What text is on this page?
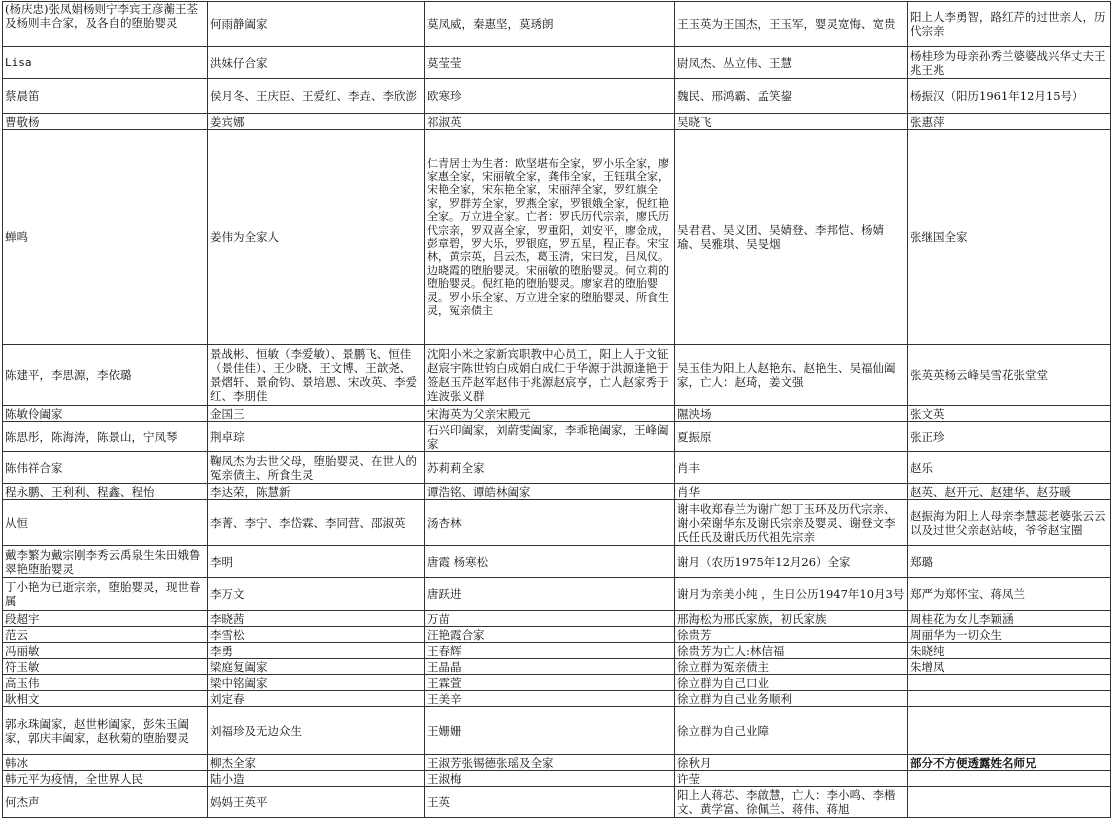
(杨庆忠)张凤娟杨则宁李宾王彦蘅王荃及杨则丰合家，及各自的堕胎婴灵	何雨静阖家	莫凤威，秦惠坚，莫琇朗	王玉英为王国杰，王玉军，婴灵宽悔、宽贵	阳上人李勇智，路红芹的过世亲人，历代宗亲
Lisa	洪妹仔合家	莫莹莹	尉凤杰、丛立伟、王慧	杨桂珍为母亲孙秀兰婆婆战兴华丈夫王兆王兆
蔡晨笛	侯月冬、王庆臣、王爱红、李垚、李欣澎	欧寒珍	魏民、邢鸿霸、孟笑鋆	杨振汉（阳历1961年12月15号）
曹敬杨	姜宾娜	祁淑英	吴晓飞	张惠萍
蝉鸣	姜伟为全家人	仁青居士为生者：欧坚堪布全家，罗小乐全家，廖家惠全家，宋丽敏全家，龚伟全家，王钰琪全家，宋艳全家，宋东艳全家，宋丽萍全家，罗红旗全家，罗群芳全家，罗燕全家，罗银娥全家，倪红艳全家。万立进全家。亡者：罗氏历代宗亲，廖氏历代宗亲，罗双喜全家，罗重阳，刘安平，廖金成，彭章碧，罗大乐，罗银庭，罗五星，程正春。宋宝林，黄宗英，吕云杰，葛玉清，宋曰发，吕凤仪。边晓霞的堕胎婴灵。宋丽敏的堕胎婴灵。何立莉的堕胎婴灵。倪红艳的堕胎婴灵。廖家君的堕胎婴灵。罗小乐全家、万立进全家的堕胎婴灵、所食生灵，冤亲债主	吴君君、吴义团、吴婧登、李邦恺、杨婧瑜、吴雅琪、吴旻烟	张继国全家
陈建平，李思源，李依璐	景战彬、恒敏（李爱敏）、景鹏飞、恒佳（景佳佳）、王少晓、王文博、王歆尧、景熠轩、景俞钧、景培恩、宋改英、李爱红、李朋佳	沈阳小米之家新宾职教中心员工，阳上人于文钲赵宸宇陈世钧白成娟白成仁于华源于洪源逢艳于签赵玉芹赵军赵伟于兆源赵宸亨，亡人赵家秀于连波张义群	吴玉佳为阳上人赵艳东、赵艳生、吴福仙阖家，亡人：赵琦，姜文强	张英英杨云峰吴雪花张堂堂
陈敏伶阖家	金国三	宋海英为父亲宋殿元	隰泱场	张文英
陈思彤，陈海涛，陈景山，宁凤琴	荆卓琮	石兴印阖家，刘蔚雯阖家，李乖艳阖家，王峰阖家	夏振原	张正珍
陈伟祥合家	鞠凤杰为去世父母，堕胎婴灵、在世人的冤亲债主、所食生灵	苏莉莉全家	肖丰	赵乐
程永鹏、王利利、程鑫、程怡	李达荣，陈慧新	谭浩铭、谭皓林阖家	肖华	赵英、赵开元、赵建华、赵芬暖
从恒	李菁、李宁、李岱霖、李同营、邵淑英	汤杏林	谢丰收郑春兰为谢广恕丁玉环及历代宗亲、谢小荣谢华东及谢氏宗亲及婴灵、谢登文李氏任氏及谢氏历代祖先宗亲	赵振海为阳上人母亲李慧蕊老婆张云云以及过世父亲赵站岐，爷爷赵宝圈
戴李繁为戴宗刚李秀云禹泉生朱田娥鲁翠艳堕胎婴灵	李明	唐霞 杨寒松	谢月（农历1975年12月26）全家	郑璐
丁小艳为已逝宗亲，堕胎婴灵，现世眷属	李万文	唐跃进	谢月为亲美小纯 ，生日公历1947年10月3号	郑严为郑怀宝、蒋凤兰
段超宇	李晓茜	万苗	邢海松为邢氏家族，初氏家族	周桂花为女儿李颖涵
范云	李雪松	汪艳霞合家	徐贵芳	周丽华为一切众生
冯丽敏	李勇	王春辉	徐贵芳为亡人:林信福	朱晓纯
符玉敏	梁庭复阖家	王晶晶	徐立群为冤亲债主	朱增凤
高玉伟	梁中铭阖家	王霖萱	徐立群为自己口业	
耿相文	刘定春	王美辛	徐立群为自己业务顺利	
郭永珠阖家，赵世彬阖家，彭朱玉阖家，郭庆丰阖家，赵秋菊的堕胎婴灵	刘福珍及无边众生	王姗姗	徐立群为自己业障	
韩冰	柳杰全家	王淑芳张锡德张瑶及全家	徐秋月	部分不方便透露姓名师兄
韩元平为疫情，全世界人民	陆小造	王淑梅	许莹	
何杰声	妈妈王英平	王英	阳上人蒋芯、李啟慧，亡人：李小鸣、李楷文、黄学富、徐佩兰、蒋伟、蒋旭	
